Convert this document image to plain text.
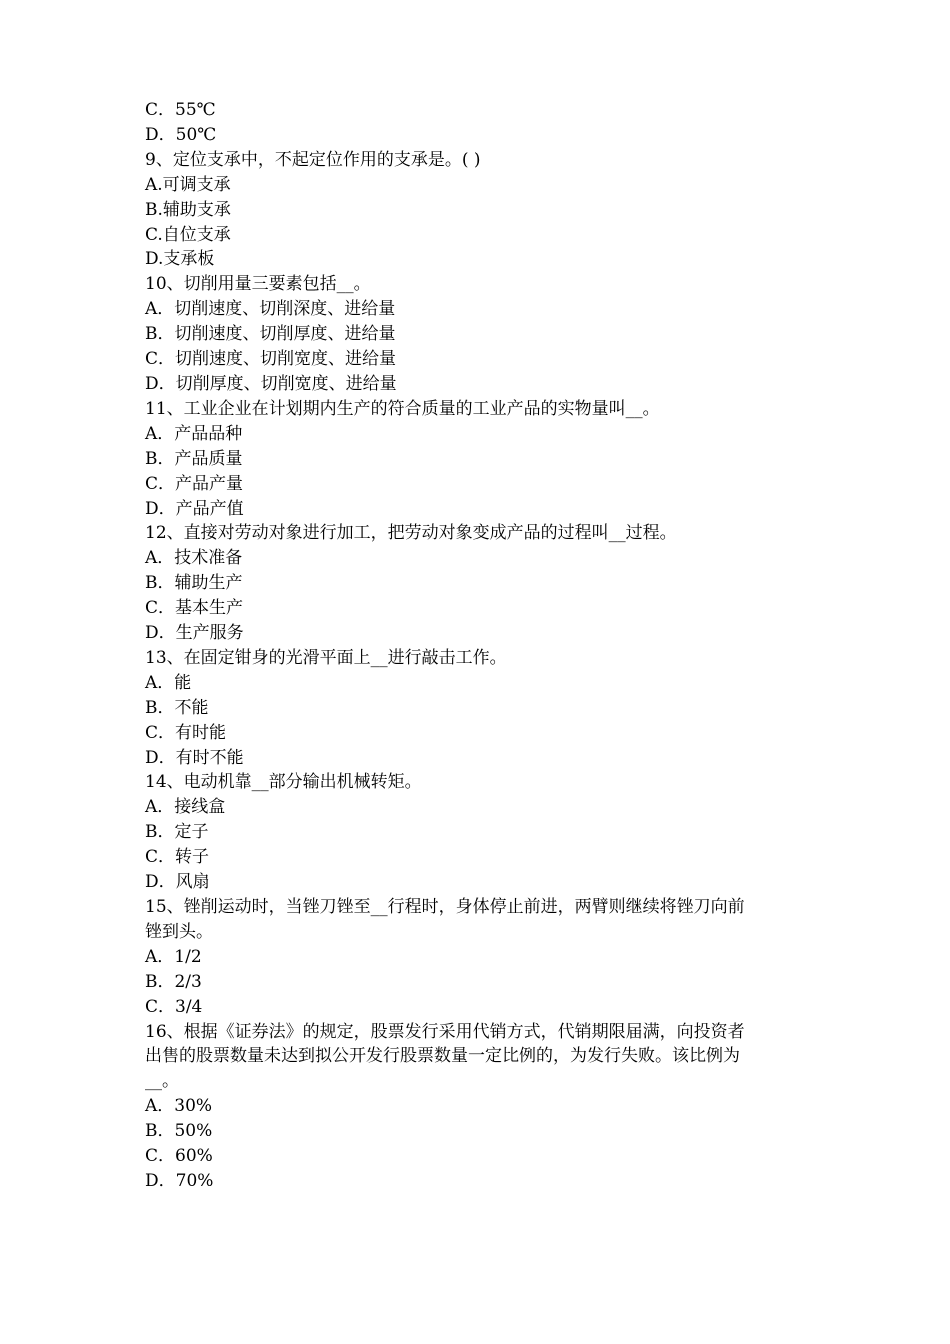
C．55℃

D．50℃

9、定位支承中，不起定位作用的支承是。( )

A.可调支承

B.辅助支承

C.自位支承

D.支承板

10、切削用量三要素包括__。

A．切削速度、切削深度、进给量

B．切削速度、切削厚度、进给量

C．切削速度、切削宽度、进给量

D．切削厚度、切削宽度、进给量

11、工业企业在计划期内生产的符合质量的工业产品的实物量叫__。

A．产品品种

B．产品质量

C．产品产量

D．产品产值

12、直接对劳动对象进行加工，把劳动对象变成产品的过程叫__过程。

A．技术准备

B．辅助生产

C．基本生产

D．生产服务

13、在固定钳身的光滑平面上__进行敲击工作。

A．能

B．不能

C．有时能

D．有时不能

14、电动机靠__部分输出机械转矩。

A．接线盒

B．定子

C．转子

D．风扇

15、锉削运动时，当锉刀锉至__行程时，身体停止前进，两臂则继续将锉刀向前

锉到头。

A．1/2

B．2/3

C．3/4

16、根据《证券法》的规定，股票发行采用代销方式，代销期限届满，向投资者

出售的股票数量未达到拟公开发行股票数量一定比例的，为发行失败。该比例为

__。

A．30%

B．50%

C．60%

D．70%
